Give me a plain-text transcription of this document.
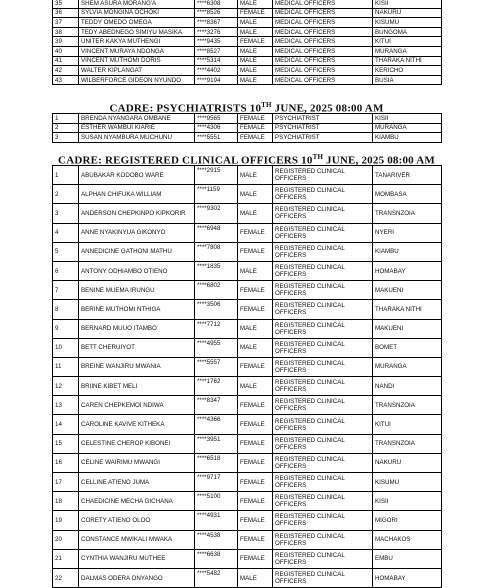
35	SHEM ASURA MORANG'A	****6308	MALE	MEDICAL OFFICERS	KISII
36	SYLVIA MONGINA OCHOKI	****8526	FEMALE	MEDICAL OFFICERS	NAKURU
37	TEDDY OMEDO OMEGA	****8367	MALE	MEDICAL OFFICERS	KISUMU
38	TEDY ABEDNEGO SIMIYU MASIKA	****3276	MALE	MEDICAL OFFICERS	BUNGOMA
39	UNITER KAKYA MUTHENGI	****9435	FEMALE	MEDICAL OFFICERS	KITUI
40	VINCENT MURAYA NDONGA	****8527	MALE	MEDICAL OFFICERS	MURANGA
41	VINCENT MUTHOMI DORIS	****5314	MALE	MEDICAL OFFICERS	THARAKA NITHI
42	WALTER KIPLANGAT	****4402	MALE	MEDICAL OFFICERS	KERICHO
43	WILBERFORCE GIDEON NYUNDO	****9194	MALE	MEDICAL OFFICERS	BUSIA
CADRE: PSYCHIATRISTS 10TH JUNE, 2025 08:00 AM
1	BRENDA NYANGARA OMBANE	****9565	FEMALE	PSYCHIATRIST	KISII
2	ESTHER WAMBUI KIARIE	****4306	FEMALE	PSYCHIATRIST	MURANGA
3	SUSAN NYAMBURA MUCHUNU	****5551	FEMALE	PSYCHIATRIST	KIAMBU
CADRE: REGISTERED CLINICAL OFFICERS 10TH JUNE, 2025 08:00 AM
1	ABUBAKAR KODOBO WARE	****2915	MALE	REGISTERED CLINICAL OFFICERS	TANARIVER
2	ALPHAN CHIFUKA WILLIAM	****1159	MALE	REGISTERED CLINICAL OFFICERS	MOMBASA
3	ANDERSON CHEPKINPO KIPKORIR	****9302	MALE	REGISTERED CLINICAL OFFICERS	TRANSNZOIA
4	ANNE NYAKINYUA GIKONYO	****6948	FEMALE	REGISTERED CLINICAL OFFICERS	NYERI
5	ANNEDICINE GATHONI MATHU	****7808	FEMALE	REGISTERED CLINICAL OFFICERS	KIAMBU
6	ANTONY ODHIAMBO OTIENO	****1835	MALE	REGISTERED CLINICAL OFFICERS	HOMABAY
7	BENINE MUEMA IRUNGU	****6802	FEMALE	REGISTERED CLINICAL OFFICERS	MAKUENI
8	BERINE MUTHOMI NTHIGA	****3506	FEMALE	REGISTERED CLINICAL OFFICERS	THARAKA NITHI
9	BERNARD MUUO ITAMBO	****7712	MALE	REGISTERED CLINICAL OFFICERS	MAKUENI
10	BETT CHERUIYOT	****4955	MALE	REGISTERED CLINICAL OFFICERS	BOMET
11	BREINE WANJIRU MWANIA	****5557	FEMALE	REGISTERED CLINICAL OFFICERS	MURANGA
12	BRIINE KIBET MELI	****1762	MALE	REGISTERED CLINICAL OFFICERS	NANDI
13	CAREN CHEPKEMOI NDIWA	****8347	FEMALE	REGISTERED CLINICAL OFFICERS	TRANSNZOIA
14	CAROLINE KAVIVE KITHEKA	****4366	FEMALE	REGISTERED CLINICAL OFFICERS	KITUI
15	CELESTINE CHEROP KIBONEI	****3951	FEMALE	REGISTERED CLINICAL OFFICERS	TRANSNZOIA
16	CELINE WAIRIMU MWANGI	****6518	FEMALE	REGISTERED CLINICAL OFFICERS	NAKURU
17	CELLINE ATIENO JUMA	****9717	FEMALE	REGISTERED CLINICAL OFFICERS	KISUMU
18	CHAEDICINE MECHA GICHANA	****5100	FEMALE	REGISTERED CLINICAL OFFICERS	KISII
19	CORETY ATIENO OLOO	****4931	FEMALE	REGISTERED CLINICAL OFFICERS	MIGORI
20	CONSTANCE MWIKALI MWAKA	****4538	FEMALE	REGISTERED CLINICAL OFFICERS	MACHAKOS
21	CYNTHIA WANJIRU MUTHEE	****6638	FEMALE	REGISTERED CLINICAL OFFICERS	EMBU
22	DALMAS ODERA ONYANGO	****5482	MALE	REGISTERED CLINICAL OFFICERS	HOMABAY
